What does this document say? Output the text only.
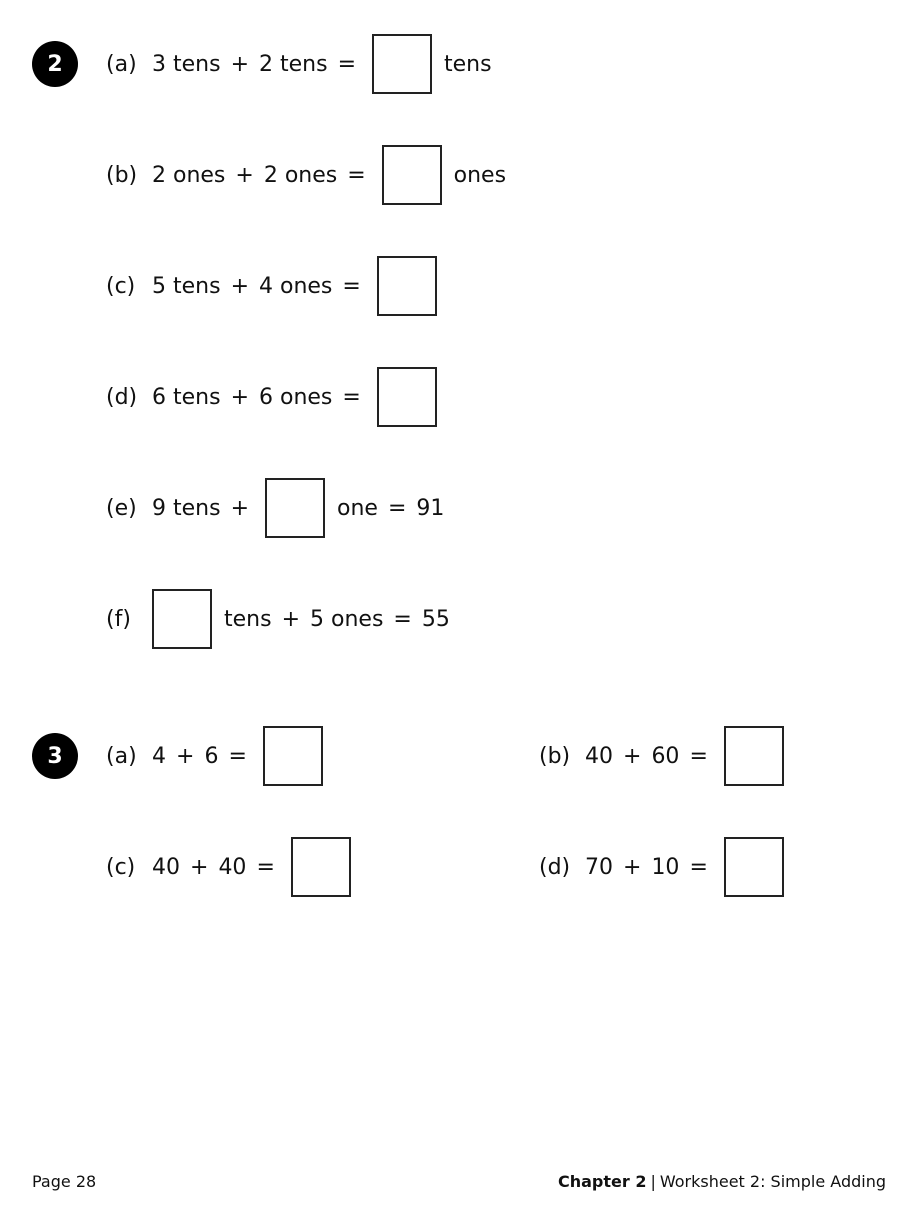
2 (a) 3 tens + 2 tens =	tens
(b) 2 ones + 2 ones =	ones
(c) 5 tens + 4 ones =
(d) 6 tens + 6 ones =
(e) 9 tens +	one = 91
(f)	tens + 5 ones = 55
3 (a) 4 + 6 =	(b) 40 + 60 =
(c) 40 + 40 =	(d) 70 + 10 =
Page 28	Chapter 2 | Worksheet 2: Simple Adding
